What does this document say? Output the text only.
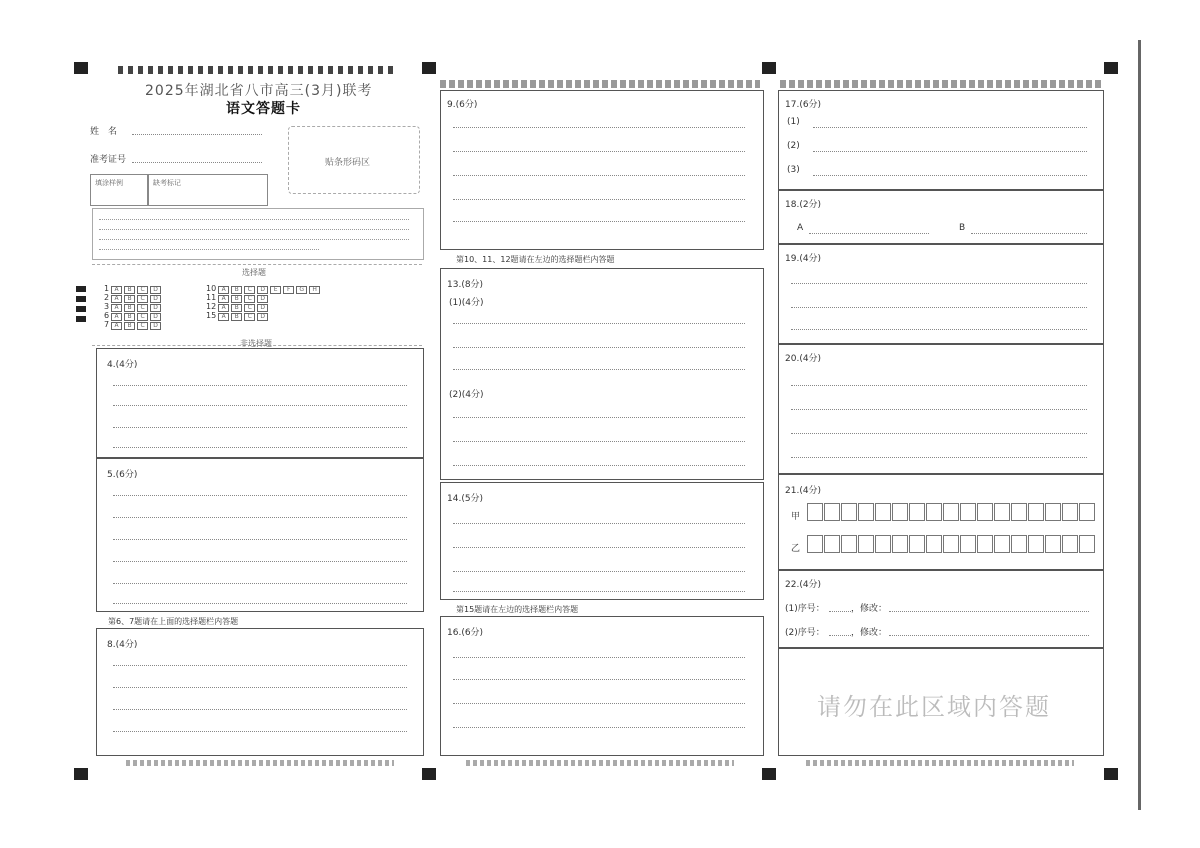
2025年湖北省八市高三(3月)联考
语文答题卡
姓　名
准考证号	贴条形码区
填涂样例	缺考标记
选择题
1 A B C D
2 A B C D
3 A B C D
6 A B C D
7 A B C D
10 A B C D E F G H
11 A B C D
12 A B C D
15 A B C D
非选择题
4.(4分)
5.(6分)
第6、7题请在上面的选择题栏内答题
8.(4分)
9.(6分)
第10、11、12题请在左边的选择题栏内答题
13.(8分)
(1)(4分)
(2)(4分)
14.(5分)
第15题请在左边的选择题栏内答题
16.(6分)
17.(6分)
(1)
(2)
(3)
18.(2分)
A	B
19.(4分)
20.(4分)
21.(4分)
甲
乙
22.(4分)
(1)序号：	，修改：
(2)序号：	，修改：
请勿在此区域内答题
